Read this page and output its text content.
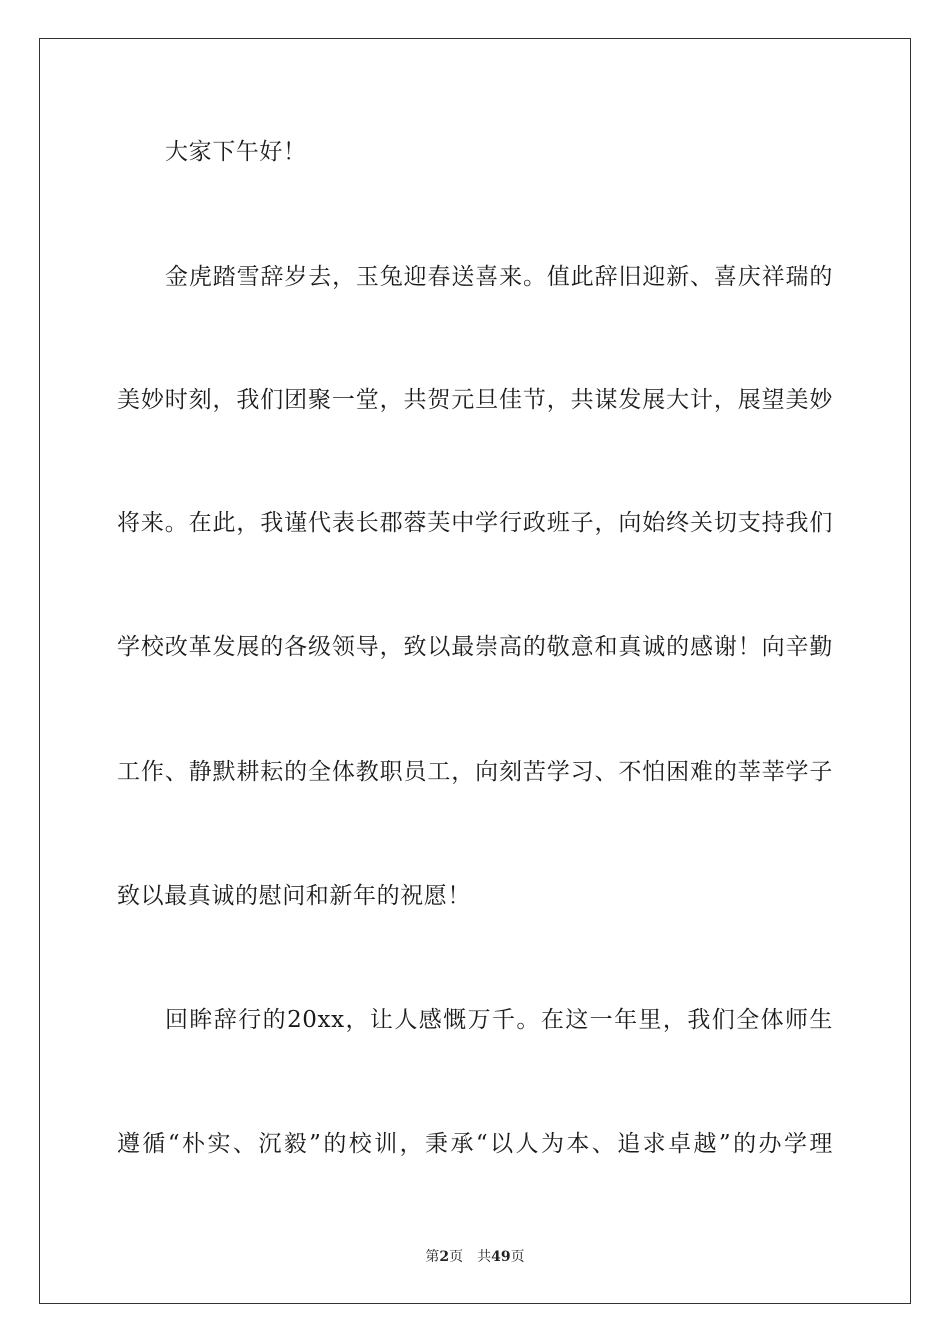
大家下午好！
金虎踏雪辞岁去，玉兔迎春送喜来。值此辞旧迎新、喜庆祥瑞的
美妙时刻，我们团聚一堂，共贺元旦佳节，共谋发展大计，展望美妙
将来。在此，我谨代表长郡蓉芙中学行政班子，向始终关切支持我们
学校改革发展的各级领导，致以最崇高的敬意和真诚的感谢！向辛勤
工作、静默耕耘的全体教职员工，向刻苦学习、不怕困难的莘莘学子
致以最真诚的慰问和新年的祝愿！
回眸辞行的20xx，让人感慨万千。在这一年里，我们全体师生
遵循“朴实、沉毅”的校训，秉承“以人为本、追求卓越”的办学理
第2页 共49页
